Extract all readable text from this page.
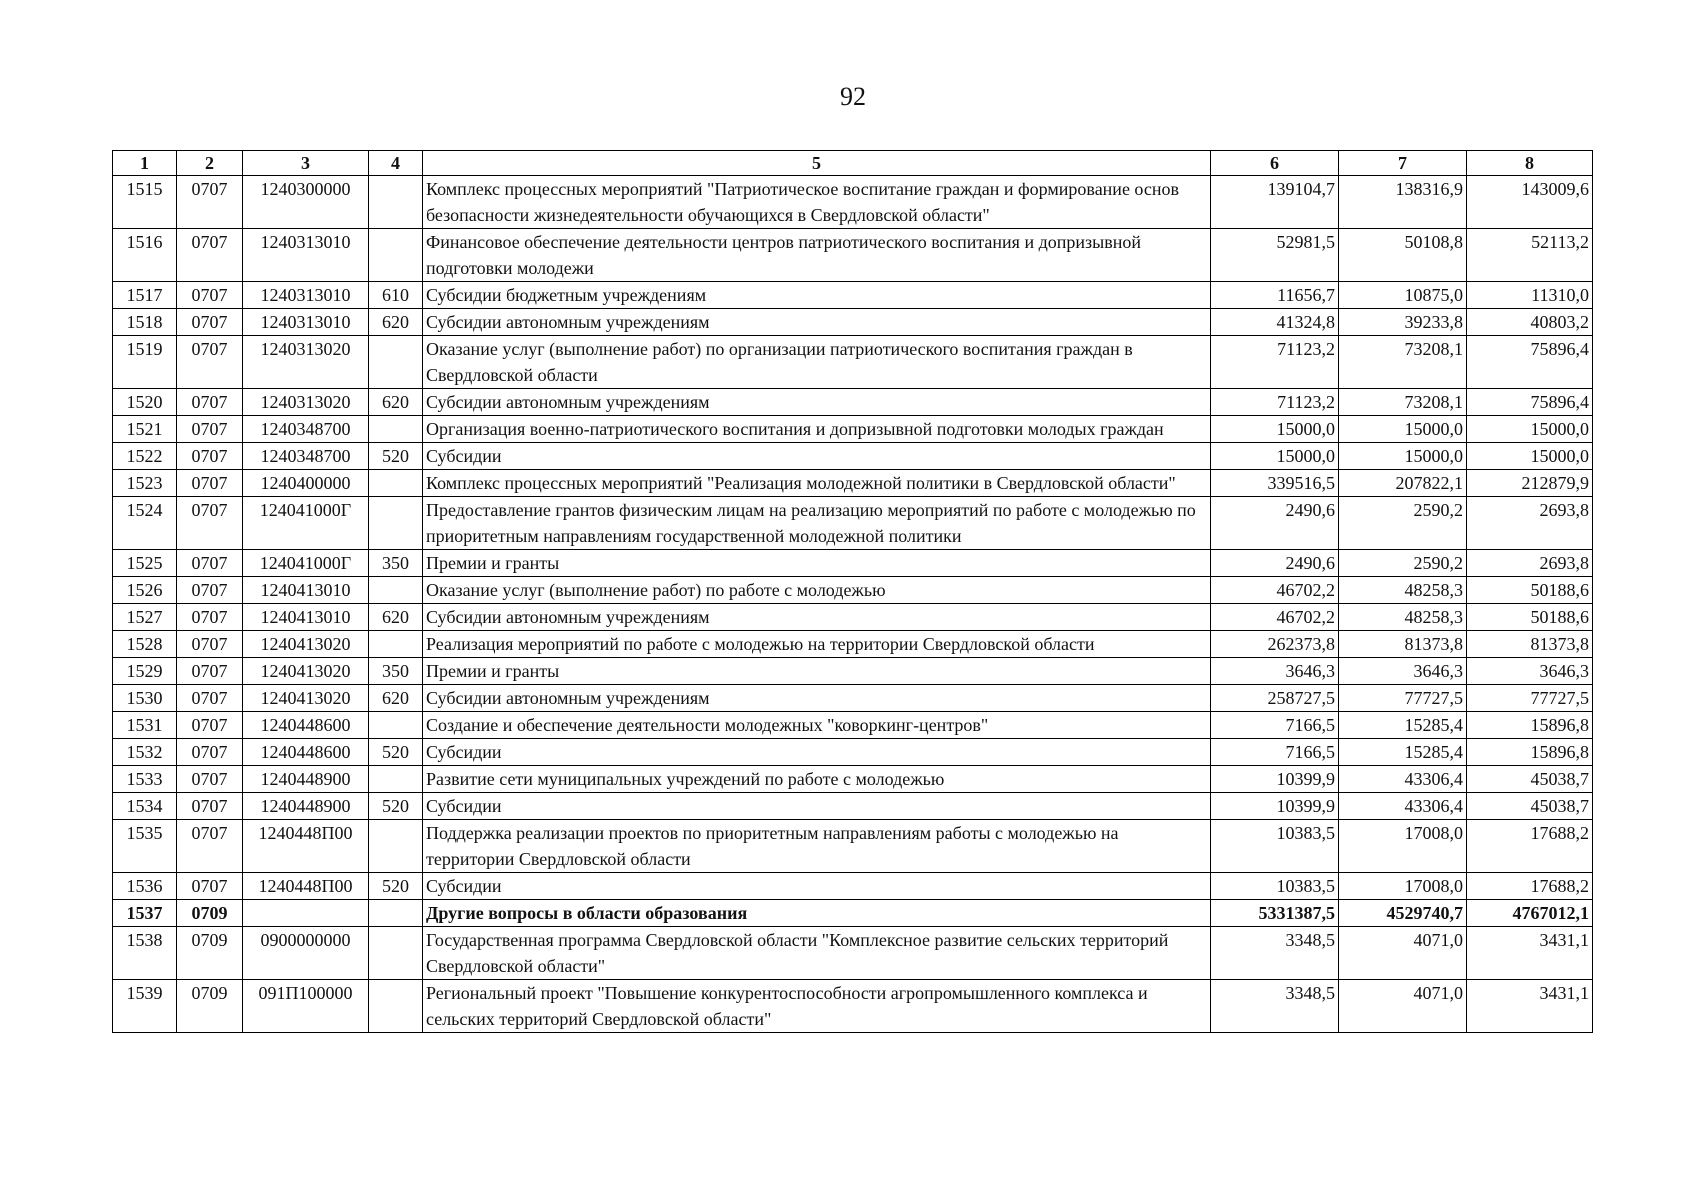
92
1	2	3	4	5	6	7	8
1515	0707	1240300000		Комплекс процессных мероприятий "Патриотическое воспитание граждан и формирование основ безопасности жизнедеятельности обучающихся в Свердловской области"	139104,7	138316,9	143009,6
1516	0707	1240313010		Финансовое обеспечение деятельности центров патриотического воспитания и допризывной подготовки молодежи	52981,5	50108,8	52113,2
1517	0707	1240313010	610	Субсидии бюджетным учреждениям	11656,7	10875,0	11310,0
1518	0707	1240313010	620	Субсидии автономным учреждениям	41324,8	39233,8	40803,2
1519	0707	1240313020		Оказание услуг (выполнение работ) по организации патриотического воспитания граждан в Свердловской области	71123,2	73208,1	75896,4
1520	0707	1240313020	620	Субсидии автономным учреждениям	71123,2	73208,1	75896,4
1521	0707	1240348700		Организация военно-патриотического воспитания и допризывной подготовки молодых граждан	15000,0	15000,0	15000,0
1522	0707	1240348700	520	Субсидии	15000,0	15000,0	15000,0
1523	0707	1240400000		Комплекс процессных мероприятий "Реализация молодежной политики в Свердловской области"	339516,5	207822,1	212879,9
1524	0707	124041000Г		Предоставление грантов физическим лицам на реализацию мероприятий по работе с молодежью по приоритетным направлениям государственной молодежной политики	2490,6	2590,2	2693,8
1525	0707	124041000Г	350	Премии и гранты	2490,6	2590,2	2693,8
1526	0707	1240413010		Оказание услуг (выполнение работ) по работе с молодежью	46702,2	48258,3	50188,6
1527	0707	1240413010	620	Субсидии автономным учреждениям	46702,2	48258,3	50188,6
1528	0707	1240413020		Реализация мероприятий по работе с молодежью на территории Свердловской области	262373,8	81373,8	81373,8
1529	0707	1240413020	350	Премии и гранты	3646,3	3646,3	3646,3
1530	0707	1240413020	620	Субсидии автономным учреждениям	258727,5	77727,5	77727,5
1531	0707	1240448600		Создание и обеспечение деятельности молодежных "коворкинг-центров"	7166,5	15285,4	15896,8
1532	0707	1240448600	520	Субсидии	7166,5	15285,4	15896,8
1533	0707	1240448900		Развитие сети муниципальных учреждений по работе с молодежью	10399,9	43306,4	45038,7
1534	0707	1240448900	520	Субсидии	10399,9	43306,4	45038,7
1535	0707	1240448П00		Поддержка реализации проектов по приоритетным направлениям работы с молодежью на территории Свердловской области	10383,5	17008,0	17688,2
1536	0707	1240448П00	520	Субсидии	10383,5	17008,0	17688,2
1537	0709			Другие вопросы в области образования	5331387,5	4529740,7	4767012,1
1538	0709	0900000000		Государственная программа Свердловской области "Комплексное развитие сельских территорий Свердловской области"	3348,5	4071,0	3431,1
1539	0709	091П100000		Региональный проект "Повышение конкурентоспособности агропромышленного комплекса и сельских территорий Свердловской области"	3348,5	4071,0	3431,1
